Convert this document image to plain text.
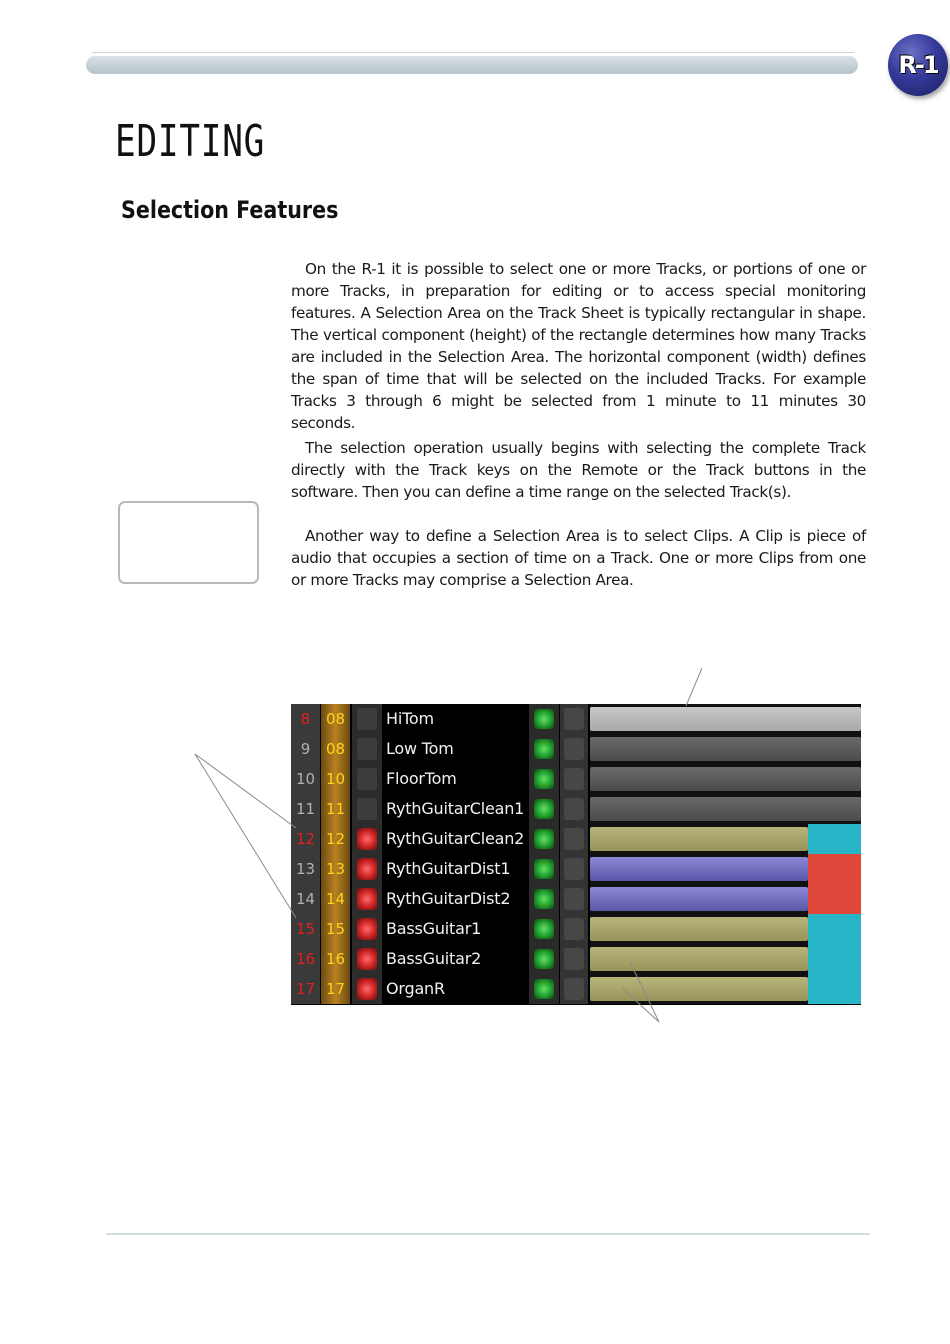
R-1
EDITING
Selection Features

On the R-1 it is possible to select one or more Tracks, or portions of one or more Tracks, in preparation for editing or to access special monitoring features. A Selection Area on the Track Sheet is typically rectangular in shape. The vertical component (height) of the rectangle determines how many Tracks are included in the Selection Area. The horizontal component (width) defines the span of time that will be selected on the included Tracks. For example Tracks 3 through 6 might be selected from 1 minute to 11 minutes 30 seconds.

The selection operation usually begins with selecting the complete Track directly with the Track keys on the Remote or the Track buttons in the software. Then you can define a time range on the selected Track(s).

Another way to define a Selection Area is to select Clips. A Clip is piece of audio that occupies a section of time on a Track. One or more Clips from one or more Tracks may comprise a Selection Area.

8	08	HiTom
9	08	Low Tom
10 10	FloorTom
11 11	RythGuitarClean1
12 12	RythGuitarClean2
13 13	RythGuitarDist1
14 14	RythGuitarDist2
15 15	BassGuitar1
16 16	BassGuitar2
17 17	OrganR
